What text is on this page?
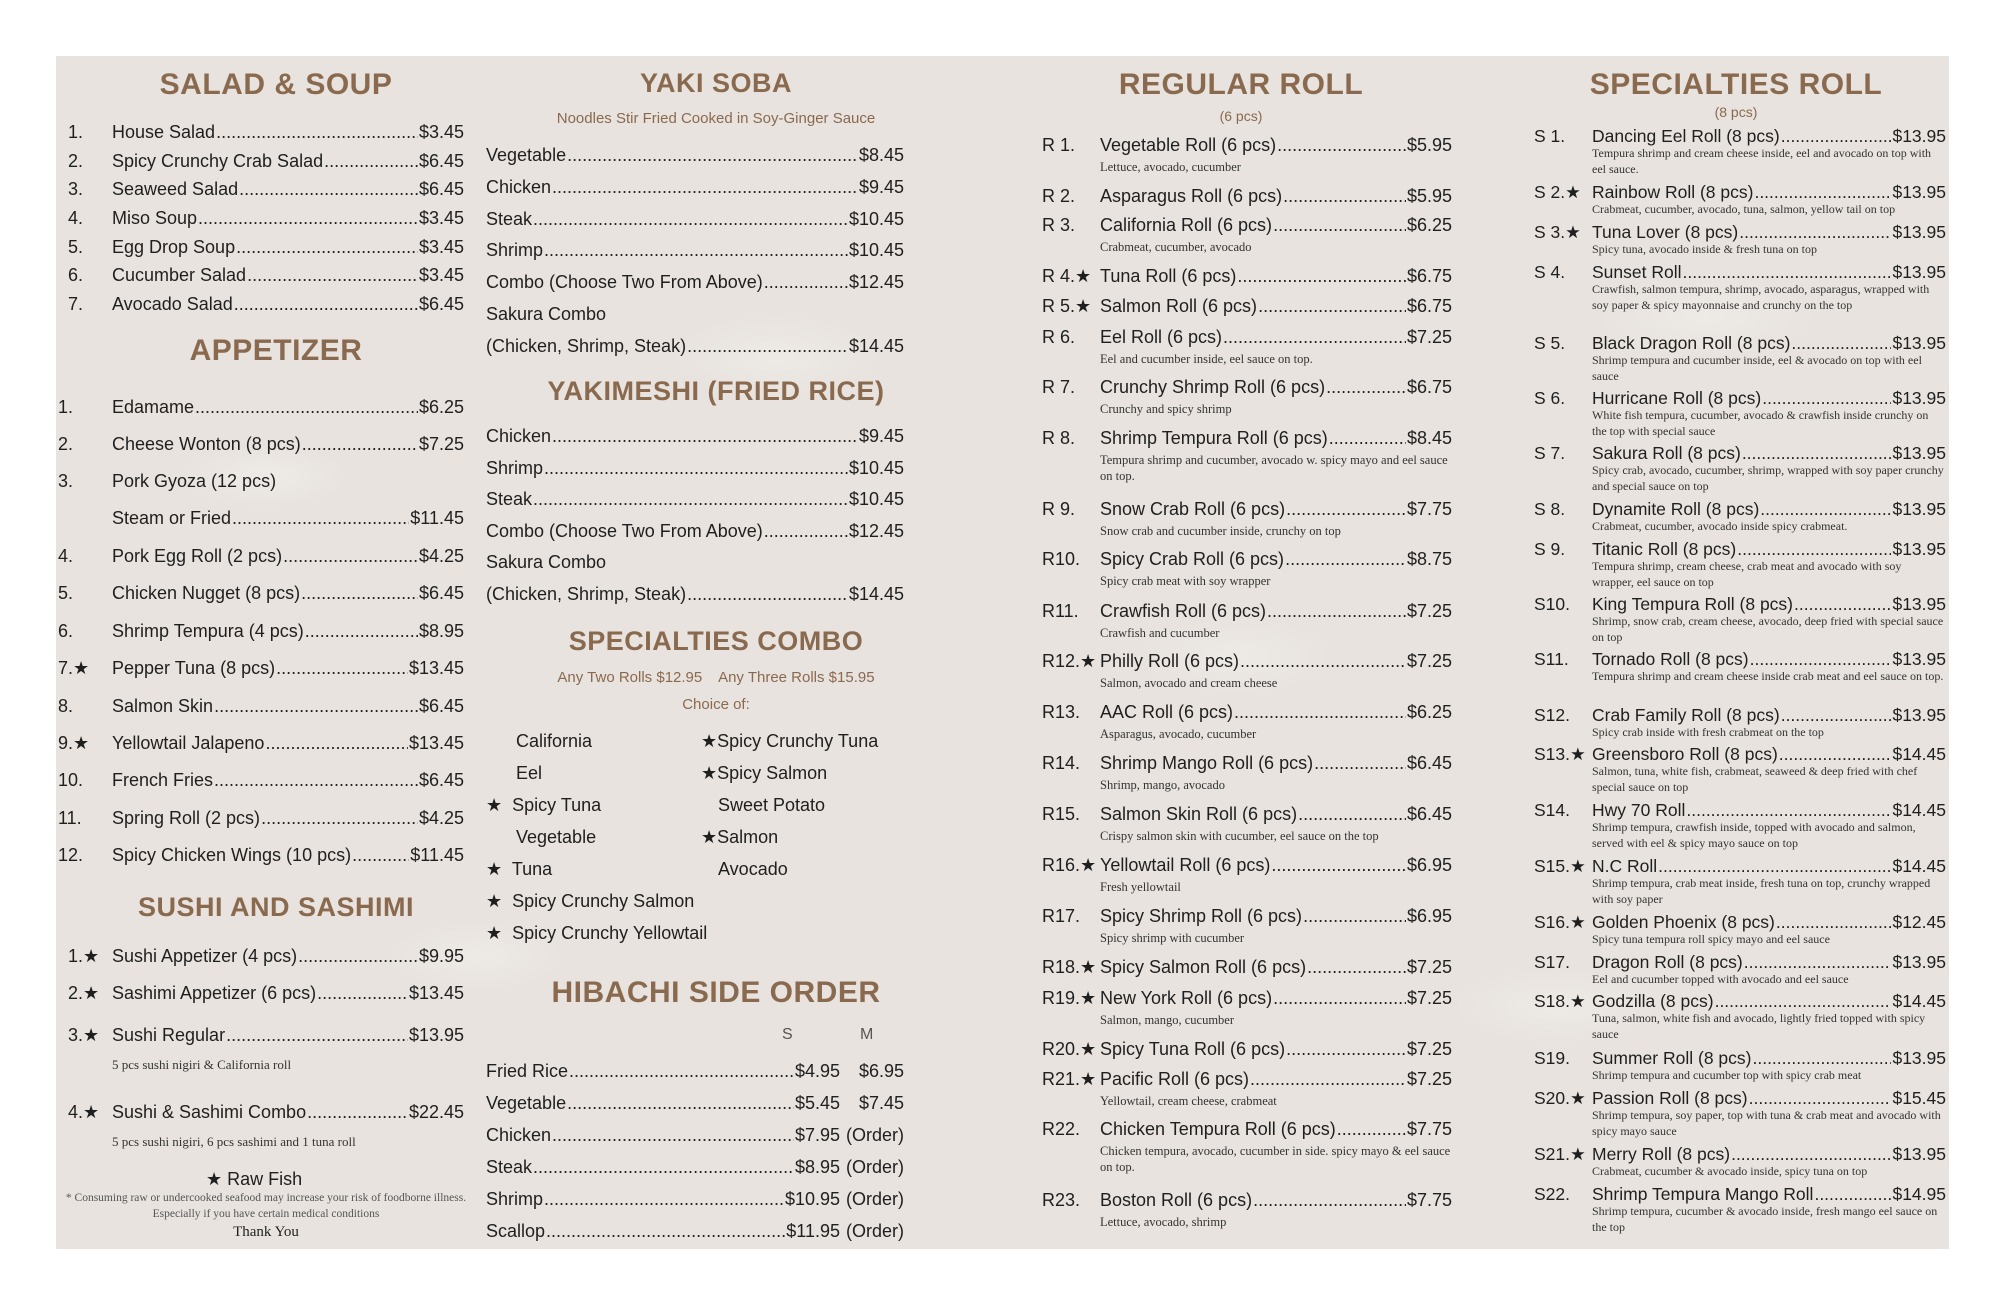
SALAD & SOUP
APPETIZER
SUSHI AND SASHIMI
★ Raw Fish
* Consuming raw or undercooked seafood may increase your risk of foodborne illness.
Especially if you have certain medical conditions
Thank You
1.	House Salad .....	$3.45
2.	Spicy Crunchy Crab Salad .....	$6.45
3.	Seaweed Salad .....	$6.45
4.	Miso Soup .....	$3.45
5.	Egg Drop Soup .....	$3.45
6.	Cucumber Salad .....	$3.45
7.	Avocado Salad .....	$6.45
1.	Edamame .....	$6.25
2.	Cheese Wonton (8 pcs) .....	$7.25
3.	Pork Gyoza (12 pcs)
Steam or Fried .....	$11.45
4.	Pork Egg Roll (2 pcs) .....	$4.25
5.	Chicken Nugget (8 pcs) .....	$6.45
6.	Shrimp Tempura (4 pcs) .....	$8.95
7.★	Pepper Tuna (8 pcs) .....	$13.45
8.	Salmon Skin .....	$6.45
9.★	Yellowtail Jalapeno .....	$13.45
10.	French Fries .....	$6.45
11.	Spring Roll (2 pcs) .....	$4.25
12.	Spicy Chicken Wings (10 pcs) .....	$11.45
1.★ Sushi Appetizer (4 pcs) .....	$9.95
2.★ Sashimi Appetizer (6 pcs) .....	$13.45
3.★ Sushi Regular .....	$13.95
5 pcs sushi nigiri & California roll
4.★ Sushi & Sashimi Combo .....	$22.45
5 pcs sushi nigiri, 6 pcs sashimi and 1 tuna roll
YAKI SOBA
Noodles Stir Fried Cooked in Soy-Ginger Sauce
YAKIMESHI (FRIED RICE)
SPECIALTIES COMBO
Any Two Rolls $12.95    Any Three Rolls $15.95
Choice of:
California
Eel
★  Spicy Tuna
Vegetable
★  Tuna
★  Spicy Crunchy Salmon
★  Spicy Crunchy Yellowtail
★Spicy Crunchy Tuna
★Spicy Salmon
Sweet Potato
★Salmon
Avocado
HIBACHI SIDE ORDER
S	M
Vegetable .....	$8.45
Chicken .....	$9.45
Steak .....	$10.45
Shrimp .....	$10.45
Combo (Choose Two From Above) .....	$12.45
Sakura Combo
(Chicken, Shrimp, Steak) .....	$14.45
Chicken .....	$9.45
Shrimp .....	$10.45
Steak .....	$10.45
Combo (Choose Two From Above) .....	$12.45
Sakura Combo
(Chicken, Shrimp, Steak) .....	$14.45
Fried Rice .....	$4.95	$6.95
Vegetable .....	$5.45	$7.45
Chicken .....	$7.95 (Order)
Steak .....	$8.95 (Order)
Shrimp .....	$10.95 (Order)
Scallop .....	$11.95 (Order)
REGULAR ROLL
(6 pcs)
R 1.	Vegetable Roll (6 pcs) .....	$5.95
Lettuce, avocado, cucumber
R 2.	Asparagus Roll (6 pcs) .....	$5.95
R 3.	California Roll (6 pcs) .....	$6.25
Crabmeat, cucumber, avocado
R 4.★ Tuna Roll (6 pcs) .....	$6.75
R 5.★ Salmon Roll (6 pcs) .....	$6.75
R 6.	Eel Roll (6 pcs) .....	$7.25
Eel and cucumber inside, eel sauce on top.
R 7.	Crunchy Shrimp Roll (6 pcs) .....	$6.75
Crunchy and spicy shrimp
R 8.	Shrimp Tempura Roll (6 pcs) .....	$8.45
Tempura shrimp and cucumber, avocado w. spicy mayo and eel sauce on top.
R 9.	Snow Crab Roll (6 pcs) .....	$7.75
Snow crab and cucumber inside, crunchy on top
R10.	Spicy Crab Roll (6 pcs) .....	$8.75
Spicy crab meat with soy wrapper
R11.	Crawfish Roll (6 pcs) .....	$7.25
Crawfish and cucumber
R12.★ Philly Roll (6 pcs) .....	$7.25
Salmon, avocado and cream cheese
R13.	AAC Roll (6 pcs) .....	$6.25
Asparagus, avocado, cucumber
R14.	Shrimp Mango Roll (6 pcs) .....	$6.45
Shrimp, mango, avocado
R15.	Salmon Skin Roll (6 pcs) .....	$6.45
Crispy salmon skin with cucumber, eel sauce on the top
R16.★ Yellowtail Roll (6 pcs) .....	$6.95
Fresh yellowtail
R17.	Spicy Shrimp Roll (6 pcs) .....	$6.95
Spicy shrimp with cucumber
R18.★ Spicy Salmon Roll (6 pcs) .....	$7.25
R19.★ New York Roll (6 pcs) .....	$7.25
Salmon, mango, cucumber
R20.★ Spicy Tuna Roll (6 pcs) .....	$7.25
R21.★ Pacific Roll (6 pcs) .....	$7.25
Yellowtail, cream cheese, crabmeat
R22.	Chicken Tempura Roll (6 pcs) .....	$7.75
Chicken tempura, avocado, cucumber in side. spicy mayo & eel sauce on top.
R23.	Boston Roll (6 pcs) .....	$7.75
Lettuce, avocado, shrimp
SPECIALTIES ROLL
(8 pcs)
S 1.	Dancing Eel Roll (8 pcs) .....	$13.95
Tempura shrimp and cream cheese inside, eel and avocado on top with eel sauce.
S 2.★ Rainbow Roll (8 pcs) .....	$13.95
Crabmeat, cucumber, avocado, tuna, salmon, yellow tail on top
S 3.★ Tuna Lover (8 pcs) .....	$13.95
Spicy tuna, avocado inside & fresh tuna on top
S 4.	Sunset Roll .....	$13.95
Crawfish, salmon tempura, shrimp, avocado, asparagus, wrapped with soy paper & spicy mayonnaise and crunchy on the top
S 5.	Black Dragon Roll (8 pcs) .....	$13.95
Shrimp tempura and cucumber inside, eel & avocado on top with eel sauce
S 6.	Hurricane Roll (8 pcs) .....	$13.95
White fish tempura, cucumber, avocado & crawfish inside crunchy on the top with special sauce
S 7.	Sakura Roll (8 pcs) .....	$13.95
Spicy crab, avocado, cucumber, shrimp, wrapped with soy paper crunchy and special sauce on top
S 8.	Dynamite Roll (8 pcs) .....	$13.95
Crabmeat, cucumber, avocado inside spicy crabmeat.
S 9.	Titanic Roll (8 pcs) .....	$13.95
Tempura shrimp, cream cheese, crab meat and avocado with soy wrapper, eel sauce on top
S10.	King Tempura Roll (8 pcs) .....	$13.95
Shrimp, snow crab, cream cheese, avocado, deep fried with special sauce on top
S11.	Tornado Roll (8 pcs) .....	$13.95
Tempura shrimp and cream cheese inside crab meat and eel sauce on top.
S12.	Crab Family Roll (8 pcs) .....	$13.95
Spicy crab inside with fresh crabmeat on the top
S13.★ Greensboro Roll (8 pcs) .....	$14.45
Salmon, tuna, white fish, crabmeat, seaweed & deep fried with chef special sauce on top
S14.	Hwy 70 Roll .....	$14.45
Shrimp tempura, crawfish inside, topped with avocado and salmon, served with eel & spicy mayo sauce on top
S15.★ N.C Roll .....	$14.45
Shrimp tempura, crab meat inside, fresh tuna on top, crunchy wrapped with soy paper
S16.★ Golden Phoenix (8 pcs) .....	$12.45
Spicy tuna tempura roll spicy mayo and eel sauce
S17.	Dragon Roll (8 pcs) .....	$13.95
Eel and cucumber topped with avocado and eel sauce
S18.★ Godzilla (8 pcs) .....	$14.45
Tuna, salmon, white fish and avocado, lightly fried topped with spicy sauce
S19.	Summer Roll (8 pcs) .....	$13.95
Shrimp tempura and cucumber top with spicy crab meat
S20.★ Passion Roll (8 pcs) .....	$15.45
Shrimp tempura, soy paper, top with tuna & crab meat and avocado with spicy mayo sauce
S21.★ Merry Roll (8 pcs) .....	$13.95
Crabmeat, cucumber & avocado inside, spicy tuna on top
S22.	Shrimp Tempura Mango Roll .....	$14.95
Shrimp tempura, cucumber & avocado inside, fresh mango eel sauce on the top
